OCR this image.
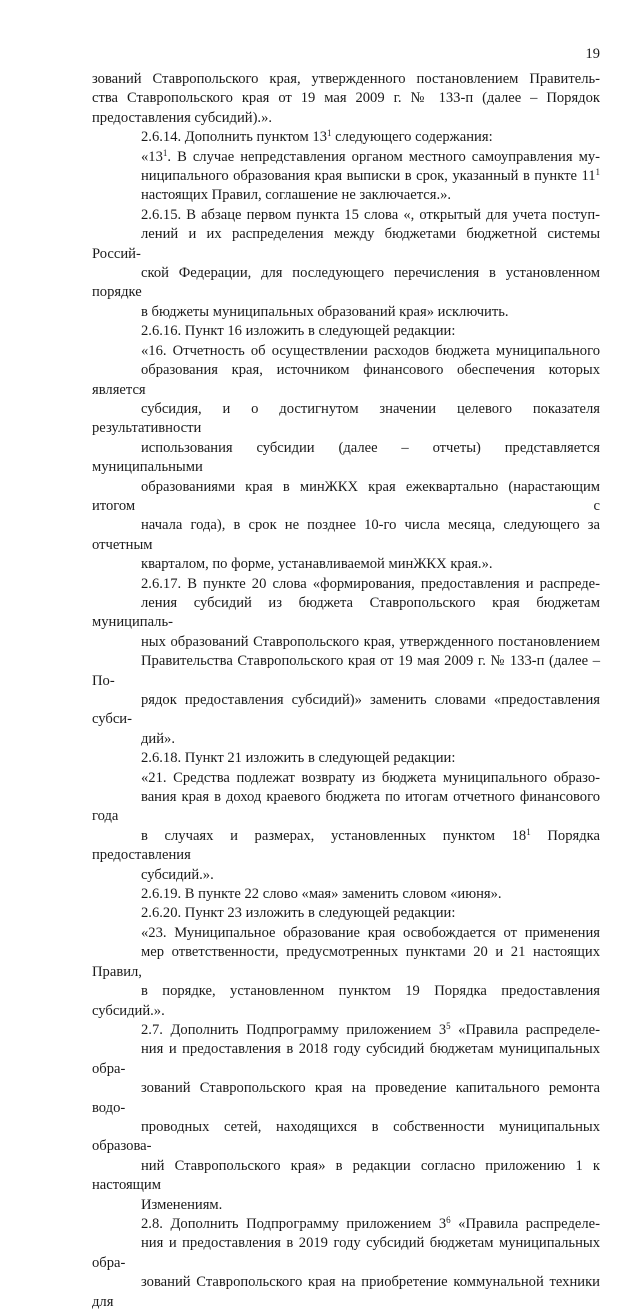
19

зований Ставропольского края, утвержденного постановлением Правитель-
ства Ставропольского края от 19 мая 2009 г. № 133-п (далее – Порядок
предоставления субсидий).».

2.6.14. Дополнить пунктом $13^1$ следующего содержания:

«$13^1$. В случае непредставления органом местного самоуправления му-
ниципального образования края выписки в срок, указанный в пункте $11^1$
настоящих Правил, соглашение не заключается.».

2.6.15. В абзаце первом пункта 15 слова «, открытый для учета поступ-
лений и их распределения между бюджетами бюджетной системы Россий-
ской Федерации, для последующего перечисления в установленном порядке
в бюджеты муниципальных образований края» исключить.

2.6.16. Пункт 16 изложить в следующей редакции:

«16. Отчетность об осуществлении расходов бюджета муниципального
образования края, источником финансового обеспечения которых является
субсидия, и о достигнутом значении целевого показателя результативности
использования субсидии (далее – отчеты) представляется муниципальными
образованиями края в минЖКХ края ежеквартально (нарастающим итогом с
начала года), в срок не позднее 10-го числа месяца, следующего за отчетным
кварталом, по форме, устанавливаемой минЖКХ края.».

2.6.17. В пункте 20 слова «формирования, предоставления и распреде-
ления субсидий из бюджета Ставропольского края бюджетам муниципаль-
ных образований Ставропольского края, утвержденного постановлением
Правительства Ставропольского края от 19 мая 2009 г. № 133-п (далее – По-
рядок предоставления субсидий)» заменить словами «предоставления субси-
дий».

2.6.18. Пункт 21 изложить в следующей редакции:

«21. Средства подлежат возврату из бюджета муниципального образо-
вания края в доход краевого бюджета по итогам отчетного финансового года
в случаях и размерах, установленных пунктом $18^1$ Порядка предоставления
субсидий.».

2.6.19. В пункте 22 слово «мая» заменить словом «июня».

2.6.20. Пункт 23 изложить в следующей редакции:

«23. Муниципальное образование края освобождается от применения
мер ответственности, предусмотренных пунктами 20 и 21 настоящих Правил,
в порядке, установленном пунктом 19 Порядка предоставления субсидий.».

2.7. Дополнить Подпрограмму приложением $3^5$ «Правила распределе-
ния и предоставления в 2018 году субсидий бюджетам муниципальных обра-
зований Ставропольского края на проведение капитального ремонта водо-
проводных сетей, находящихся в собственности муниципальных образова-
ний Ставропольского края» в редакции согласно приложению 1 к настоящим
Изменениям.

2.8. Дополнить Подпрограмму приложением $3^6$ «Правила распределе-
ния и предоставления в 2019 году субсидий бюджетам муниципальных обра-
зований Ставропольского края на приобретение коммунальной техники для
